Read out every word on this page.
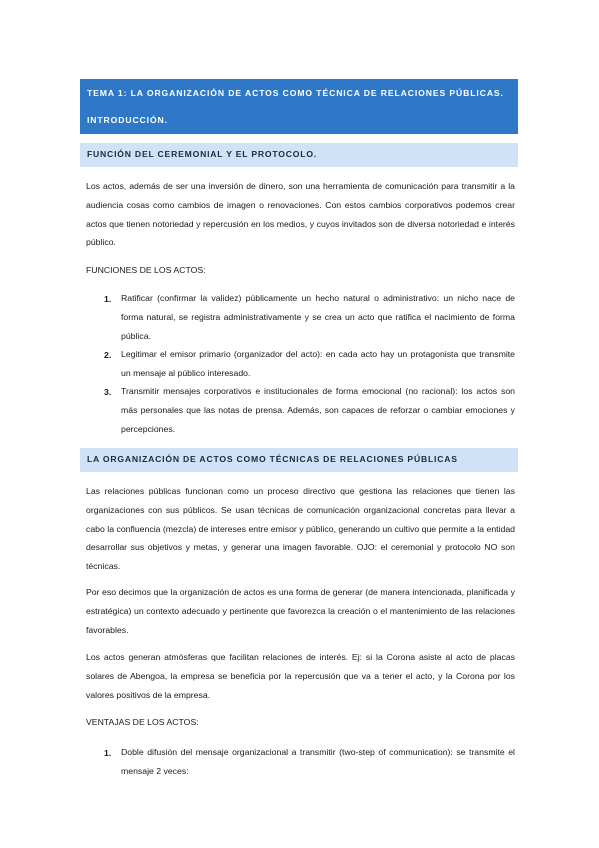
TEMA 1: LA ORGANIZACIÓN DE ACTOS COMO TÉCNICA DE RELACIONES PÚBLICAS.
INTRODUCCIÓN.
FUNCIÓN DEL CEREMONIAL Y EL PROTOCOLO.

Los actos, además de ser una inversión de dinero, son una herramienta de comunicación para transmitir a la audiencia cosas como cambios de imagen o renovaciones. Con estos cambios corporativos podemos crear actos que tienen notoriedad y repercusión en los medios, y cuyos invitados son de diversa notoriedad e interés público.

FUNCIONES DE LOS ACTOS:
1. Ratificar (confirmar la validez) públicamente un hecho natural o administrativo: un nicho nace de forma natural, se registra administrativamente y se crea un acto que ratifica el nacimiento de forma pública.

2. Legitimar el emisor primario (organizador del acto): en cada acto hay un protagonista que transmite un mensaje al público interesado.

3. Transmitir mensajes corporativos e institucionales de forma emocional (no racional): los actos son más personales que las notas de prensa. Además, son capaces de reforzar o cambiar emociones y percepciones.

LA ORGANIZACIÓN DE ACTOS COMO TÉCNICAS DE RELACIONES PÚBLICAS

Las relaciones públicas funcionan como un proceso directivo que gestiona las relaciones que tienen las organizaciones con sus públicos. Se usan técnicas de comunicación organizacional concretas para llevar a cabo la confluencia (mezcla) de intereses entre emisor y público, generando un cultivo que permite a la entidad desarrollar sus objetivos y metas, y generar una imagen favorable. OJO: el ceremonial y protocolo NO son técnicas.

Por eso decimos que la organización de actos es una forma de generar (de manera intencionada, planificada y estratégica) un contexto adecuado y pertinente que favorezca la creación o el mantenimiento de las relaciones favorables.

Los actos generan atmósferas que facilitan relaciones de interés. Ej: si la Corona asiste al acto de placas solares de Abengoa, la empresa se beneficia por la repercusión que va a tener el acto, y la Corona por los valores positivos de la empresa.

VENTAJAS DE LOS ACTOS:
1. Doble difusión del mensaje organizacional a transmitir (two-step of communication): se transmite el mensaje 2 veces:
